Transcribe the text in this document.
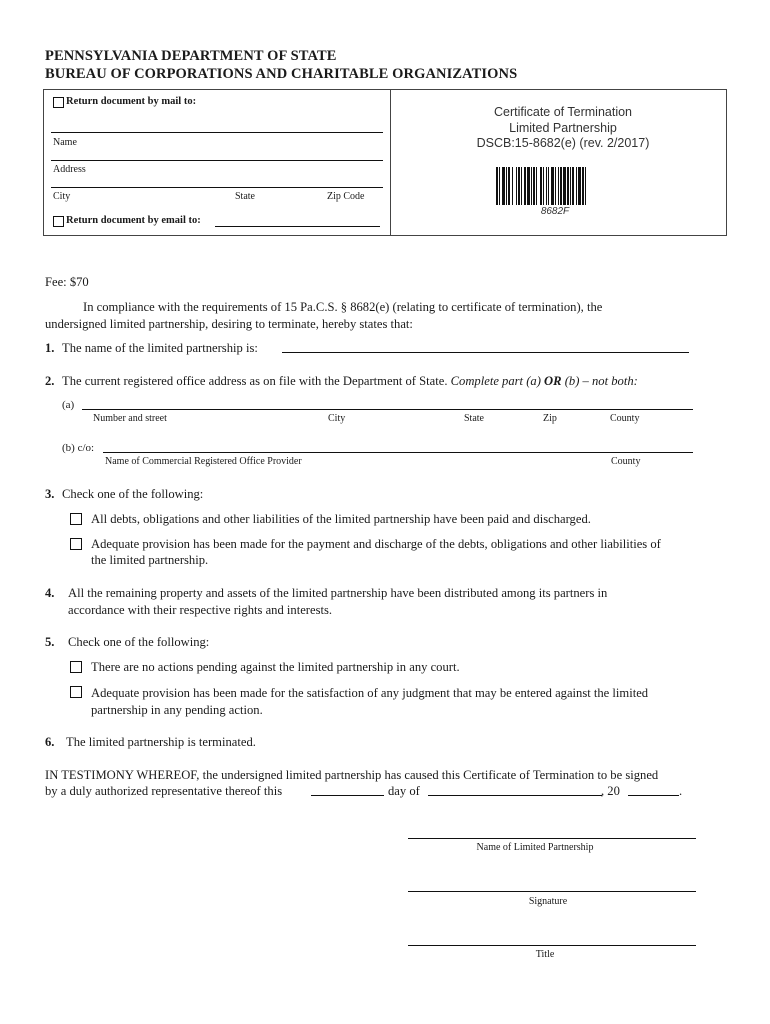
PENNSYLVANIA DEPARTMENT OF STATE
BUREAU OF CORPORATIONS AND CHARITABLE ORGANIZATIONS
Return document by mail to:
Name
Address
City	State	Zip Code
Return document by email to:
Certificate of Termination
Limited Partnership
DSCB:15-8682(e) (rev. 2/2017)
8682F
Fee: $70
In compliance with the requirements of 15 Pa.C.S. § 8682(e) (relating to certificate of termination), the
undersigned limited partnership, desiring to terminate, hereby states that:
1. The name of the limited partnership is:
2. The current registered office address as on file with the Department of State. Complete part (a) OR (b) – not both:
(a)
Number and street	City	State	Zip	County
(b) c/o:
Name of Commercial Registered Office Provider	County
3. Check one of the following:
All debts, obligations and other liabilities of the limited partnership have been paid and discharged.
Adequate provision has been made for the payment and discharge of the debts, obligations and other liabilities of
the limited partnership.
4. All the remaining property and assets of the limited partnership have been distributed among its partners in
accordance with their respective rights and interests.
5. Check one of the following:
There are no actions pending against the limited partnership in any court.
Adequate provision has been made for the satisfaction of any judgment that may be entered against the limited
partnership in any pending action.
6. The limited partnership is terminated.
IN TESTIMONY WHEREOF, the undersigned limited partnership has caused this Certificate of Termination to be signed
by a duly authorized representative thereof this	day of	, 20	.
Name of Limited Partnership
Signature
Title
